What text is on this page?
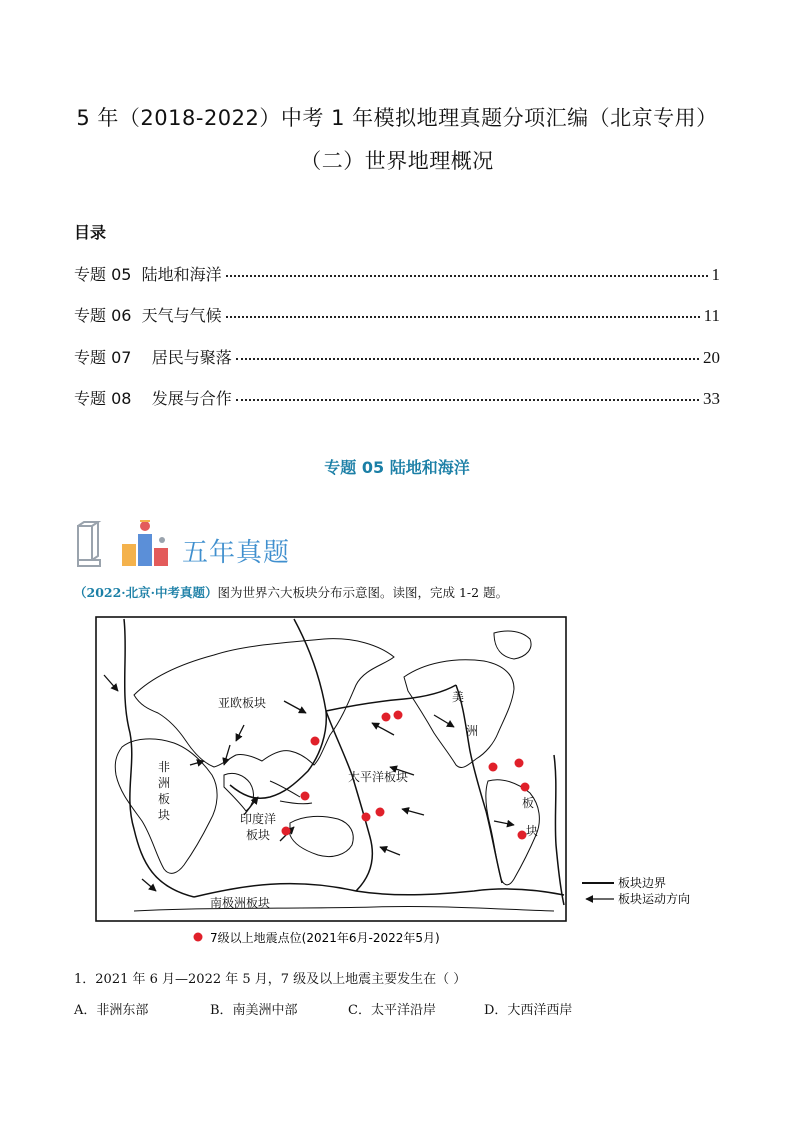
5 年（2018-2022）中考 1 年模拟地理真题分项汇编（北京专用）
（二）世界地理概况
目录
专题 05  陆地和海洋	1
专题 06  天气与气候	11
专题 07    居民与聚落	20
专题 08    发展与合作	33
专题 05 陆地和海洋
五年真题
（2022·北京·中考真题）图为世界六大板块分布示意图。读图，完成 1-2 题。
亚欧板块
非
洲
板
块	印度洋
板块
太平洋板块
美
洲
板
块
南极洲板块
板块边界
板块运动方向
7级以上地震点位(2021年6月-2022年5月)
1．2021 年 6 月—2022 年 5 月，7 级及以上地震主要发生在（ ）
A．非洲东部	B．南美洲中部	C．太平洋沿岸	D．大西洋西岸
